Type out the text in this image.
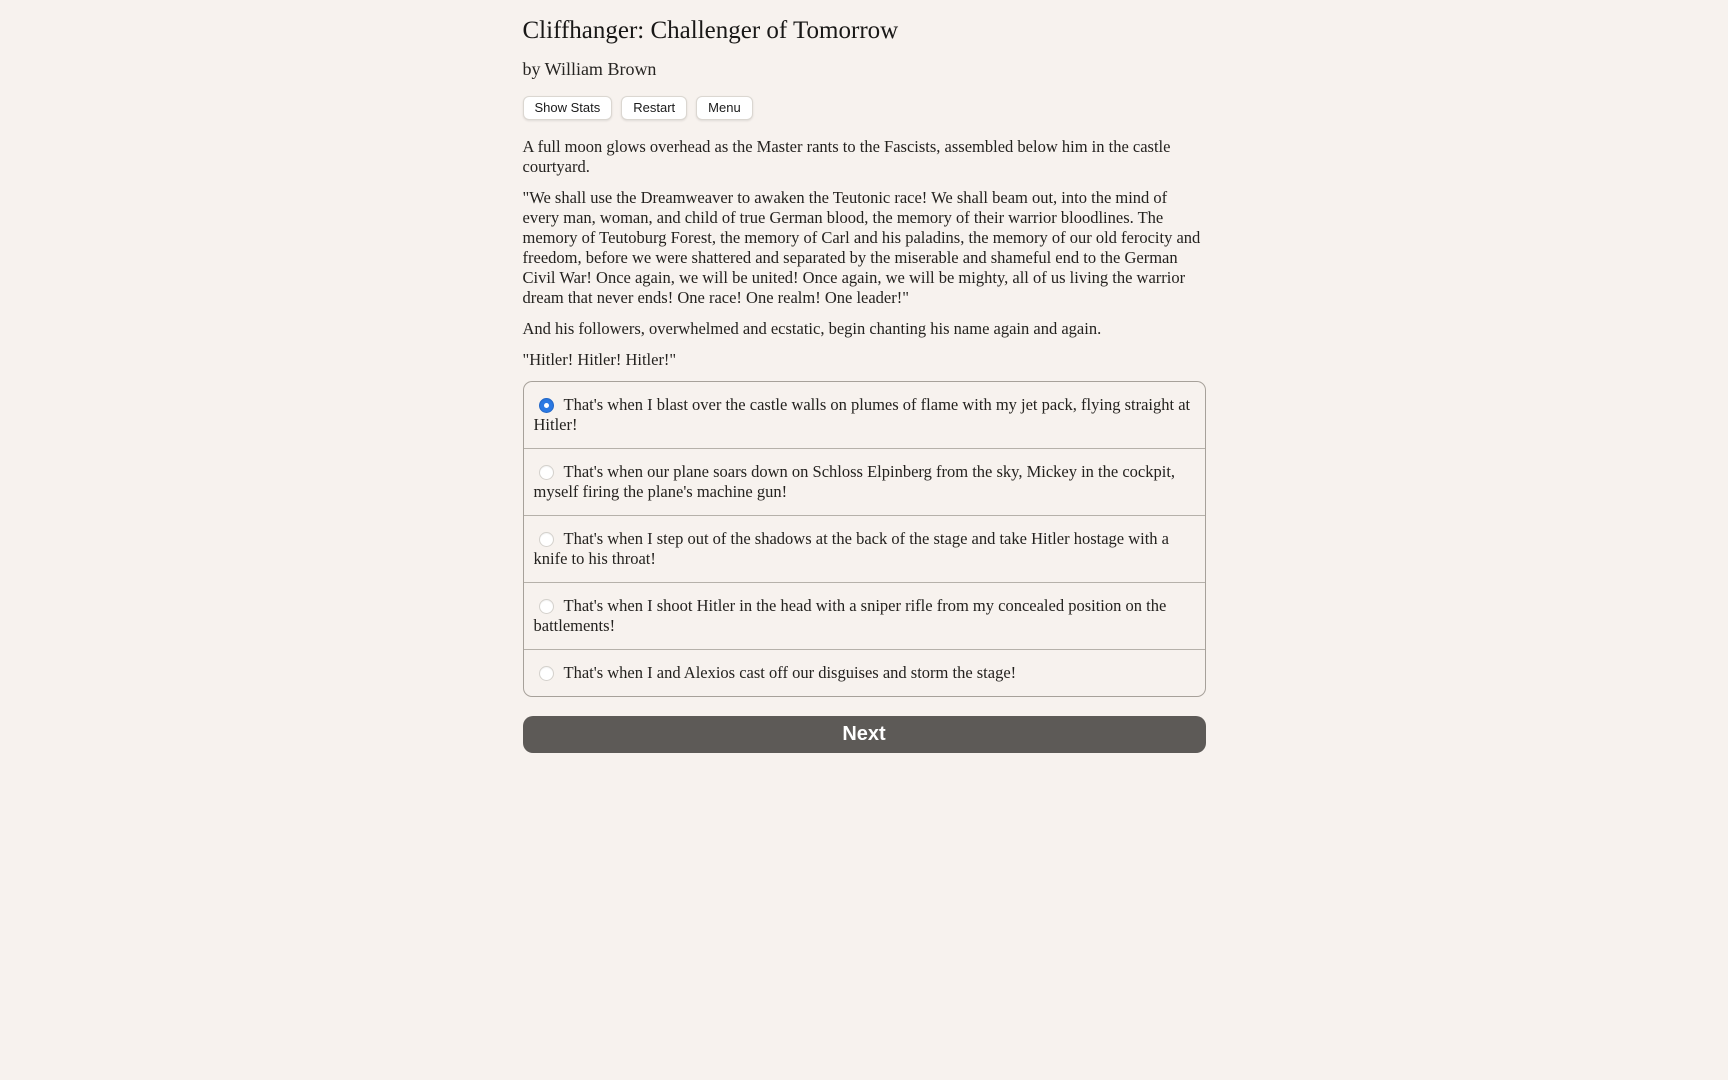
Cliffhanger: Challenger of Tomorrow

by William Brown

Show Stats	Restart	Menu

A full moon glows overhead as the Master rants to the Fascists, assembled below him in the castle courtyard.

"We shall use the Dreamweaver to awaken the Teutonic race! We shall beam out, into the mind of every man, woman, and child of true German blood, the memory of their warrior bloodlines. The memory of Teutoburg Forest, the memory of Carl and his paladins, the memory of our old ferocity and freedom, before we were shattered and separated by the miserable and shameful end to the German Civil War! Once again, we will be united! Once again, we will be mighty, all of us living the warrior dream that never ends! One race! One realm! One leader!"

And his followers, overwhelmed and ecstatic, begin chanting his name again and again.

"Hitler! Hitler! Hitler!"

That's when I blast over the castle walls on plumes of flame with my jet pack, flying straight at Hitler!
That's when our plane soars down on Schloss Elpinberg from the sky, Mickey in the cockpit, myself firing the plane's machine gun!
That's when I step out of the shadows at the back of the stage and take Hitler hostage with a knife to his throat!
That's when I shoot Hitler in the head with a sniper rifle from my concealed position on the battlements!
That's when I and Alexios cast off our disguises and storm the stage!
Next
